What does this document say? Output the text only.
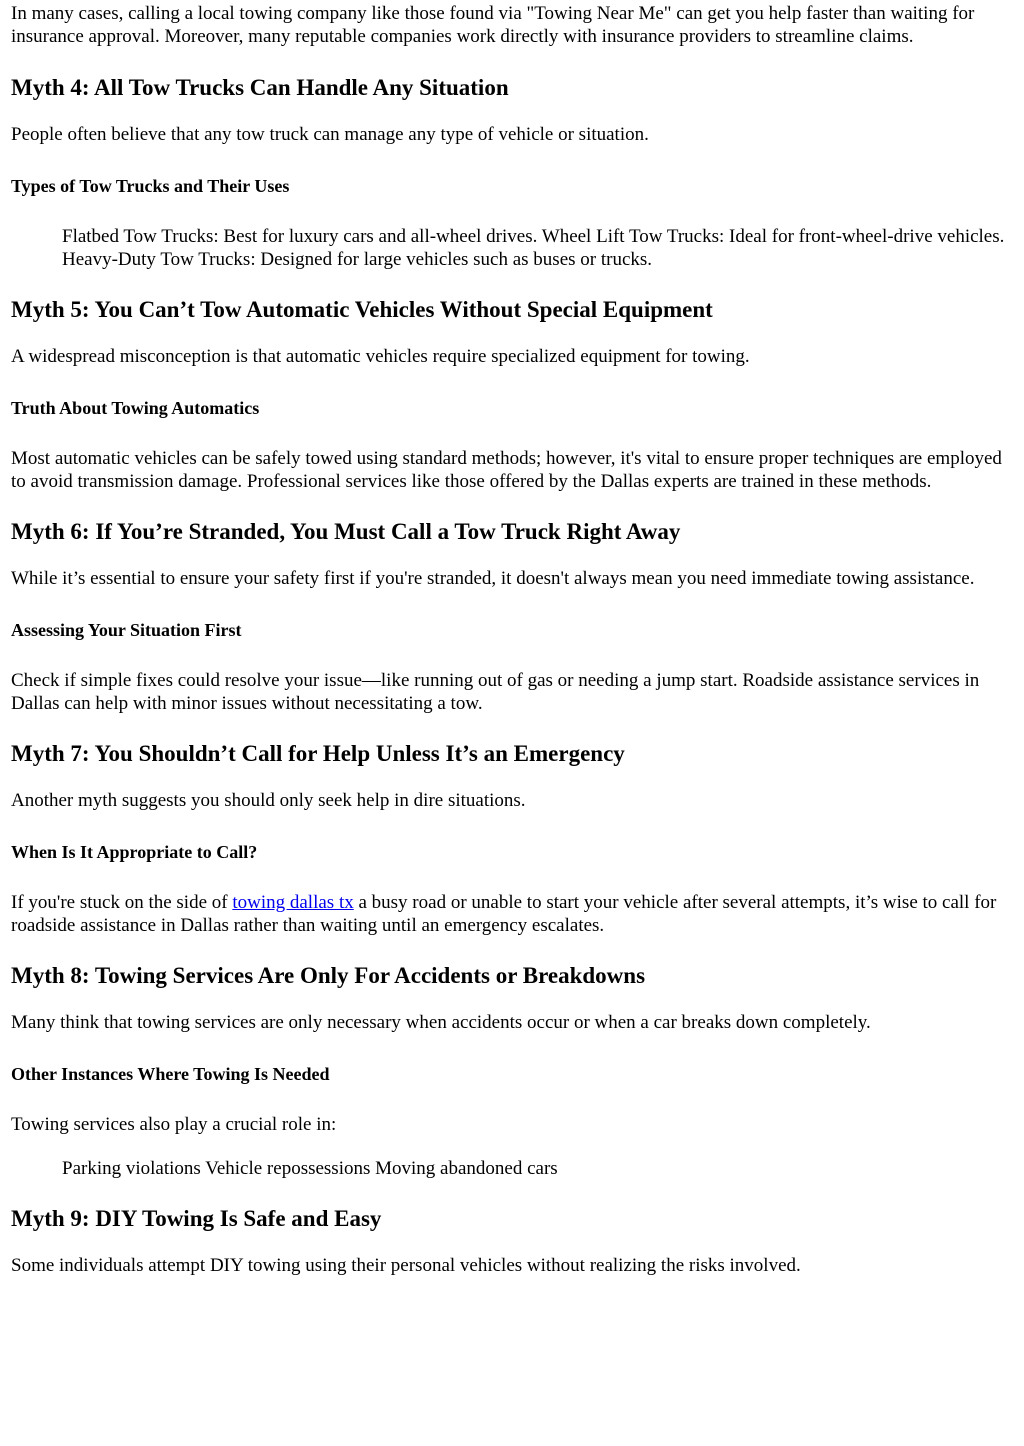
In many cases, calling a local towing company like those found via "Towing Near Me" can get you help faster than waiting for insurance approval. Moreover, many reputable companies work directly with insurance providers to streamline claims.

Myth 4: All Tow Trucks Can Handle Any Situation

People often believe that any tow truck can manage any type of vehicle or situation.

Types of Tow Trucks and Their Uses
Flatbed Tow Trucks: Best for luxury cars and all-wheel drives. Wheel Lift Tow Trucks: Ideal for front-wheel-drive vehicles. Heavy-Duty Tow Trucks: Designed for large vehicles such as buses or trucks.
Myth 5: You Can’t Tow Automatic Vehicles Without Special Equipment

A widespread misconception is that automatic vehicles require specialized equipment for towing.

Truth About Towing Automatics

Most automatic vehicles can be safely towed using standard methods; however, it's vital to ensure proper techniques are employed to avoid transmission damage. Professional services like those offered by the Dallas experts are trained in these methods.

Myth 6: If You’re Stranded, You Must Call a Tow Truck Right Away

While it’s essential to ensure your safety first if you're stranded, it doesn't always mean you need immediate towing assistance.

Assessing Your Situation First

Check if simple fixes could resolve your issue—like running out of gas or needing a jump start. Roadside assistance services in Dallas can help with minor issues without necessitating a tow.

Myth 7: You Shouldn’t Call for Help Unless It’s an Emergency

Another myth suggests you should only seek help in dire situations.

When Is It Appropriate to Call?

If you're stuck on the side of towing dallas tx a busy road or unable to start your vehicle after several attempts, it’s wise to call for roadside assistance in Dallas rather than waiting until an emergency escalates.

Myth 8: Towing Services Are Only For Accidents or Breakdowns

Many think that towing services are only necessary when accidents occur or when a car breaks down completely.

Other Instances Where Towing Is Needed

Towing services also play a crucial role in:

Parking violations Vehicle repossessions Moving abandoned cars
Myth 9: DIY Towing Is Safe and Easy

Some individuals attempt DIY towing using their personal vehicles without realizing the risks involved.
